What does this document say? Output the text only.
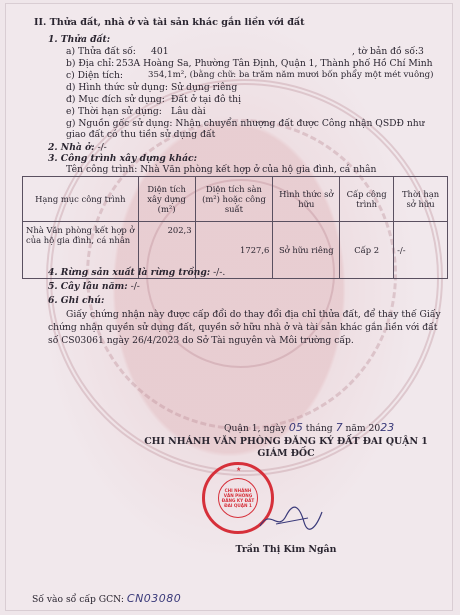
II. Thửa đất, nhà ở và tài sản khác gắn liền với đất
1. Thửa đất:
a) Thửa đất số: 401	, tờ bản đồ số: 3
b) Địa chỉ: 253A Hoàng Sa, Phường Tân Định, Quận 1, Thành phố Hồ Chí Minh
c) Diện tích:	354,1m², (bằng chữ: ba trăm năm mươi bốn phẩy một mét vuông)
d) Hình thức sử dụng: Sử dụng riêng
đ) Mục đích sử dụng: Đất ở tại đô thị
e) Thời hạn sử dụng: Lâu dài
g) Nguồn gốc sử dụng: Nhận chuyển nhượng đất được Công nhận QSDĐ như giao đất có thu tiền sử dụng đất
2. Nhà ở: -/-
3. Công trình xây dựng khác:
Tên công trình: Nhà Văn phòng kết hợp ở của hộ gia đình, cá nhân
Hạng mục công trình	Diện tích xây dựng (m²)	Diện tích sàn (m²) hoặc công suất	Hình thức sở hữu	Cấp công trình	Thời hạn sở hữu
Nhà Văn phòng kết hợp ở của hộ gia đình, cá nhân	202,3	1727,6	Sở hữu riêng	Cấp 2	-/-
4. Rừng sản xuất là rừng trồng: -/-.
5. Cây lâu năm: -/-
6. Ghi chú:
Giấy chứng nhận này được cấp đổi do thay đổi địa chỉ thửa đất, để thay thế Giấy chứng nhận quyền sử dụng đất, quyền sở hữu nhà ở và tài sản khác gắn liền với đất số CS03061 ngày 26/4/2023 do Sở Tài nguyên và Môi trường cấp.
Quận 1, ngày 05 tháng 7 năm 2023
CHI NHÁNH VĂN PHÒNG ĐĂNG KÝ ĐẤT ĐAI QUẬN 1
GIÁM ĐỐC
★
CHI NHÁNH VĂN PHÒNG ĐĂNG KÝ ĐẤT ĐAI QUẬN 1
Trần Thị Kim Ngân
Số vào sổ cấp GCN: CN03080
